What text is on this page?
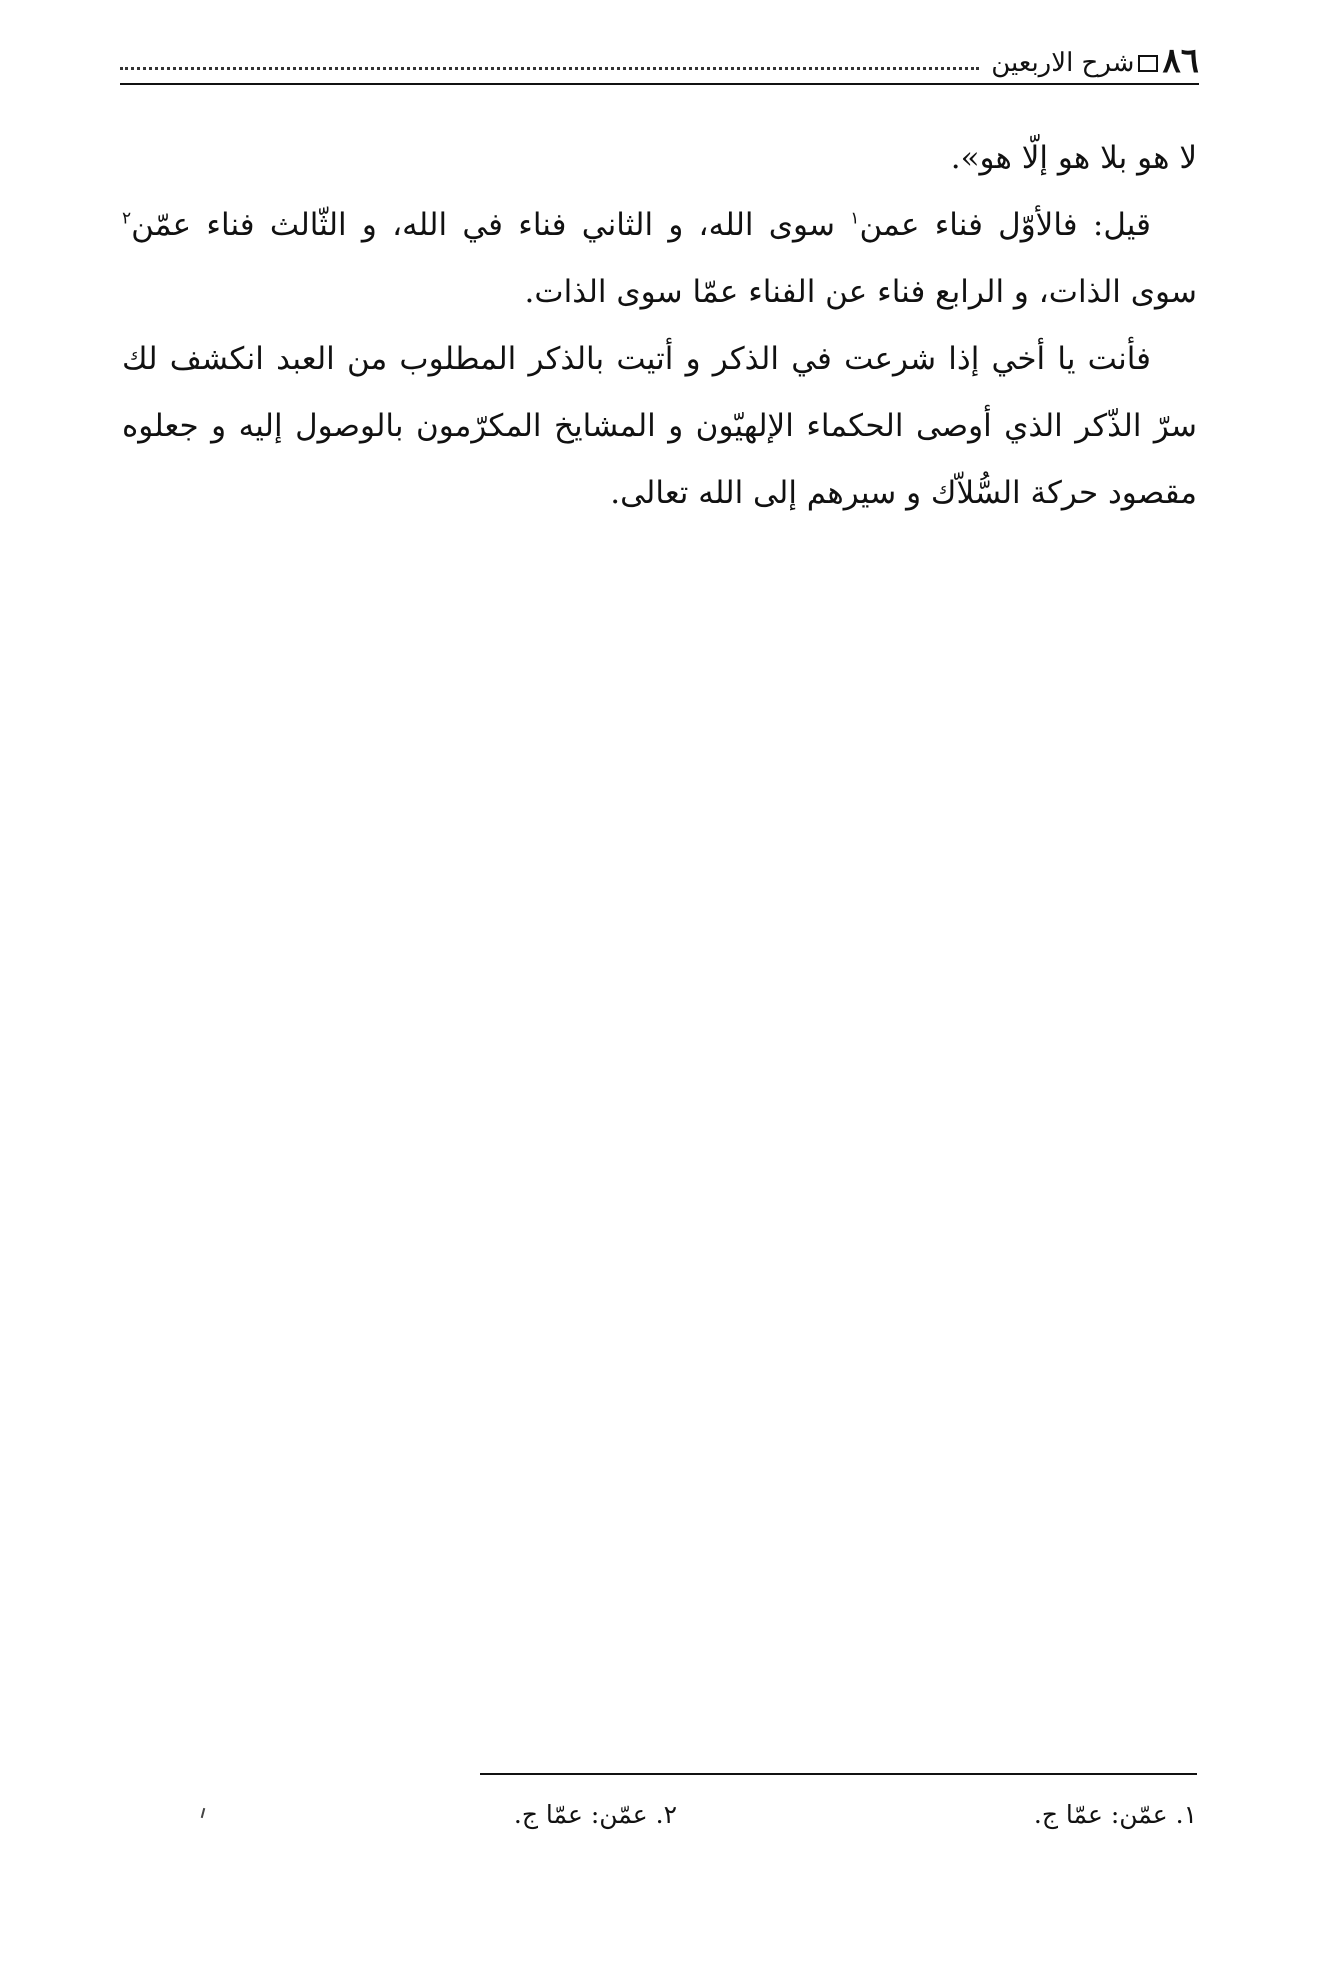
٨٦
شرح الاربعين

لا هو بلا هو إلّا هو».

قيل: فالأوّل فناء عمن$^١$ سوى الله، و الثاني فناء في الله، و الثّالث فناء عمّن$^٢$ سوى الذات، و الرابع فناء عن الفناء عمّا سوى الذات.

فأنت يا أخي إذا شرعت في الذكر و أتيت بالذكر المطلوب من العبد انكشف لك سرّ الذّكر الذي أوصى الحكماء الإلهيّون و المشايخ المكرّمون بالوصول إليه و جعلوه مقصود حركة السُّلاّك و سيرهم إلى الله تعالى.

١. عمّن: عمّا ج.
٢. عمّن: عمّا ج.
